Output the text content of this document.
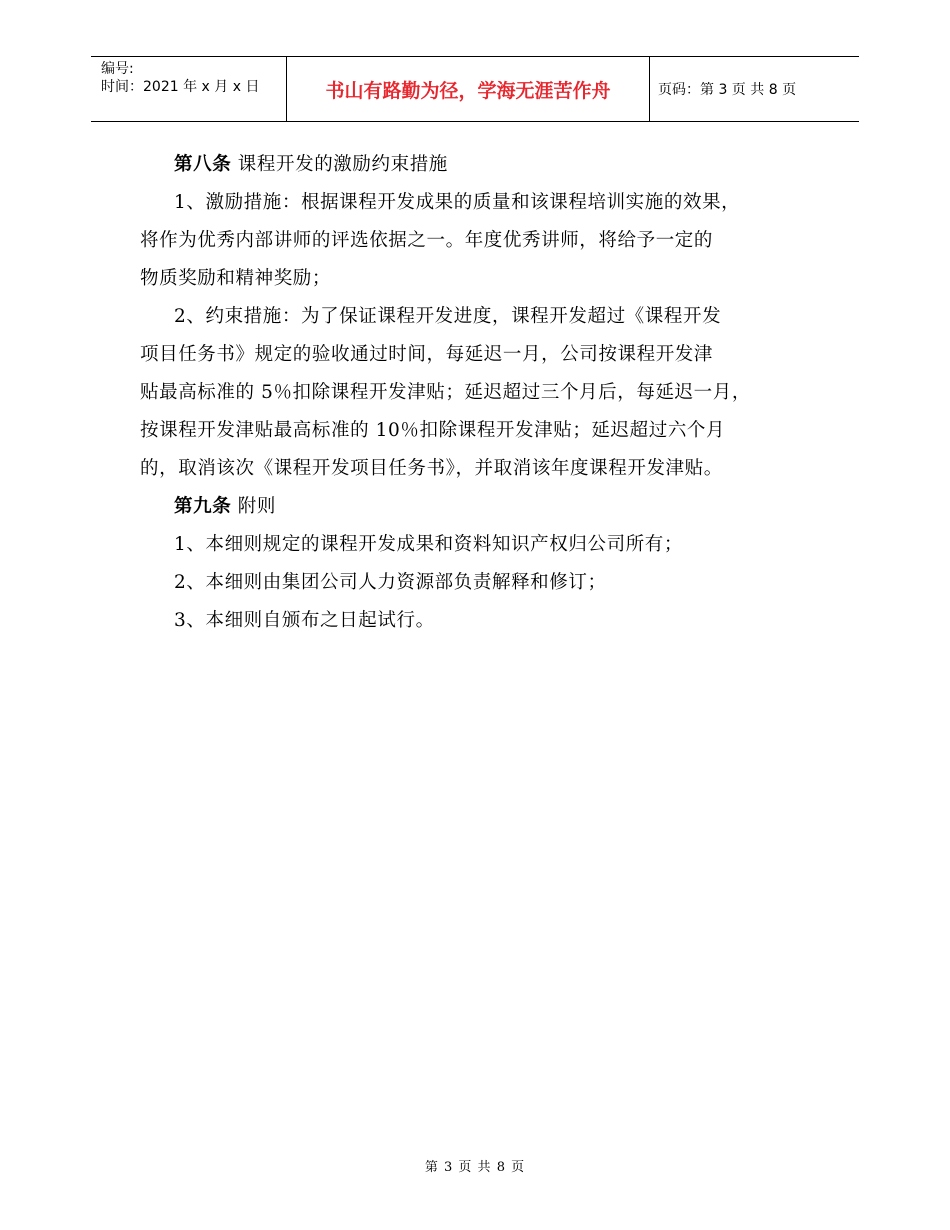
编号:
时间：2021 年 x 月 x 日	书山有路勤为径，学海无涯苦作舟	页码：第 3 页 共 8 页
第八条 课程开发的激励约束措施
1、激励措施：根据课程开发成果的质量和该课程培训实施的效果，
将作为优秀内部讲师的评选依据之一。年度优秀讲师，将给予一定的
物质奖励和精神奖励；
2、约束措施：为了保证课程开发进度，课程开发超过《课程开发
项目任务书》规定的验收通过时间，每延迟一月，公司按课程开发津
贴最高标准的 5％扣除课程开发津贴；延迟超过三个月后，每延迟一月，
按课程开发津贴最高标准的 10％扣除课程开发津贴；延迟超过六个月
的，取消该次《课程开发项目任务书》，并取消该年度课程开发津贴。
第九条 附则
1、本细则规定的课程开发成果和资料知识产权归公司所有；
2、本细则由集团公司人力资源部负责解释和修订；
3、本细则自颁布之日起试行。
第 3 页 共 8 页
